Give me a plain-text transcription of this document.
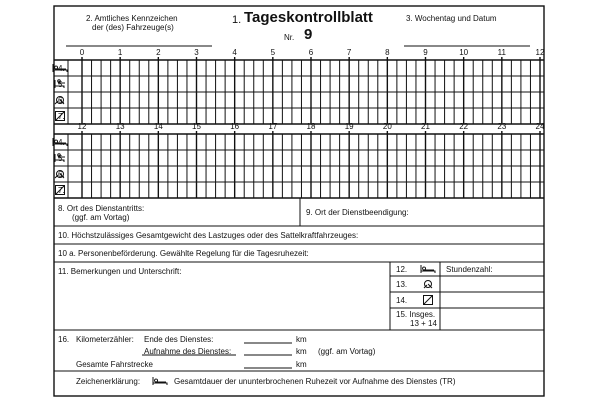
2. Amtliches Kennzeichen
der (des) Fahrzeuge(s)
1. Tageskontrollblatt
Nr. 9
3. Wochentag und Datum
0	1	2	3	4	5	6	7	8	9	10	11	12
4.
5.
6.
7.
12	13	14	15	16	17	18	19	20	21	22	23	24
4.
5.
6.
7.
8. Ort des Dienstantritts:
(ggf. am Vortag)
9. Ort der Dienstbeendigung:
10. Höchstzulässiges Gesamtgewicht des Lastzuges oder des Sattelkraftfahrzeuges:
10 a. Personenbeförderung. Gewählte Regelung für die Tagesruhezeit:
11. Bemerkungen und Unterschrift:	12.	Stundenzahl:
13.
14.
15. Insges.
13 + 14
16. Kilometerzähler: Ende des Dienstes:	km
Aufnahme des Dienstes:	km (ggf. am Vortag)
Gesamte Fahrstrecke	km
Zeichenerklärung:	Gesamtdauer der ununterbrochenen Ruhezeit vor Aufnahme des Dienstes (TR)
